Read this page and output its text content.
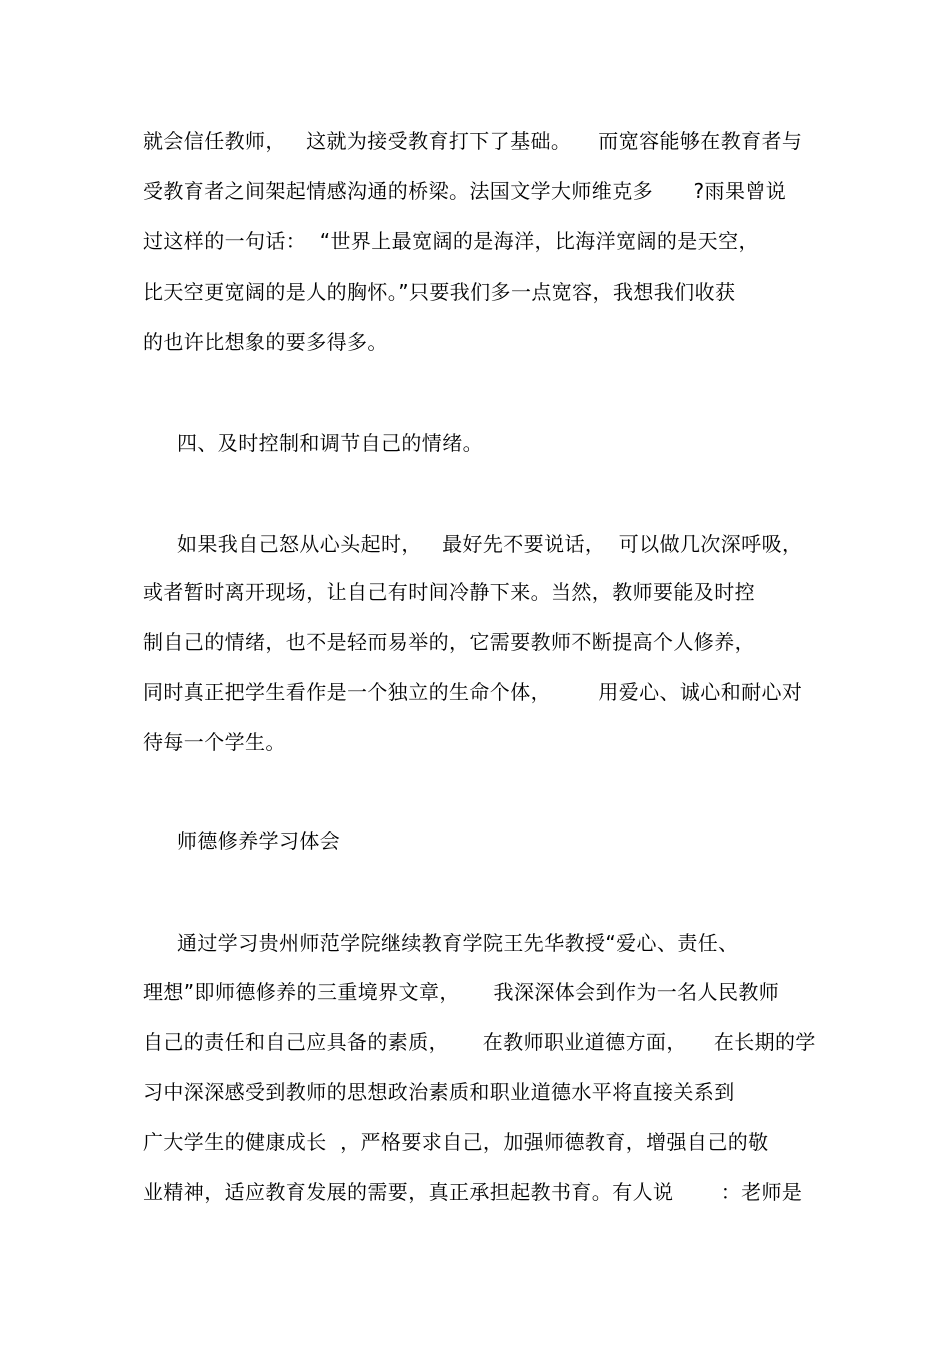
就会信任教师，   这就为接受教育打下了基础。    而宽容能够在教育者与
受教育者之间架起情感沟通的桥梁。法国文学大师维克多      ?雨果曾说
过这样的一句话：  “世界上最宽阔的是海洋，比海洋宽阔的是天空，
比天空更宽阔的是人的胸怀。”只要我们多一点宽容，我想我们收获
的也许比想象的要多得多。
四、及时控制和调节自己的情绪。
如果我自己怒从心头起时，   最好先不要说话，  可以做几次深呼吸，
或者暂时离开现场，让自己有时间冷静下来。当然，教师要能及时控
制自己的情绪，也不是轻而易举的，它需要教师不断提高个人修养，
同时真正把学生看作是一个独立的生命个体，       用爱心、诚心和耐心对
待每一个学生。
师德修养学习体会
通过学习贵州师范学院继续教育学院王先华教授“爱心、责任、
理想”即师德修养的三重境界文章，     我深深体会到作为一名人民教师
自己的责任和自己应具备的素质，     在教师职业道德方面，    在长期的学
习中深深感受到教师的思想政治素质和职业道德水平将直接关系到
广大学生的健康成长  ，严格要求自己，加强师德教育，增强自己的敬
业精神，适应教育发展的需要，真正承担起教书育。有人说       ：老师是
